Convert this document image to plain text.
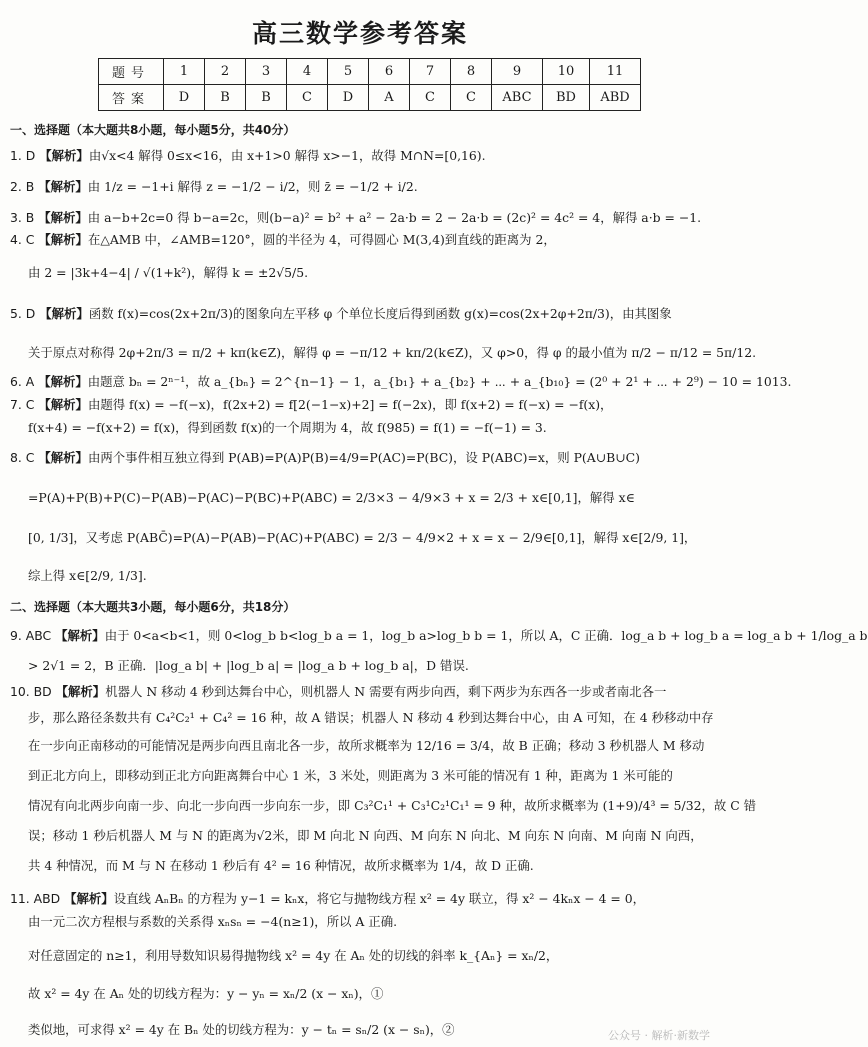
高三数学参考答案
题号	1	2	3	4	5	6	7	8	9	10	11
答案	D	B	B	C	D	A	C	C	ABC	BD	ABD
一、选择题（本大题共8小题，每小题5分，共40分）
1. D 【解析】由√x<4 解得 0≤x<16，由 x+1>0 解得 x>−1，故得 M∩N=[0,16).
2. B 【解析】由 1/z = −1+i 解得 z = −1/2 − i/2，则 z̄ = −1/2 + i/2.
3. B 【解析】由 a−b+2c=0 得 b−a=2c，则(b−a)² = b² + a² − 2a·b = 2 − 2a·b = (2c)² = 4c² = 4，解得 a·b = −1.
4. C 【解析】在△AMB 中，∠AMB=120°，圆的半径为 4，可得圆心 M(3,4)到直线的距离为 2，
由 2 = |3k+4−4| / √(1+k²)，解得 k = ±2√5/5.
5. D 【解析】函数 f(x)=cos(2x+2π/3)的图象向左平移 φ 个单位长度后得到函数 g(x)=cos(2x+2φ+2π/3)，由其图象
关于原点对称得 2φ+2π/3 = π/2 + kπ(k∈Z)，解得 φ = −π/12 + kπ/2(k∈Z)，又 φ>0，得 φ 的最小值为 π/2 − π/12 = 5π/12.
6. A 【解析】由题意 bₙ = 2ⁿ⁻¹，故 a_{bₙ} = 2^{n−1} − 1，a_{b₁} + a_{b₂} + ⋯ + a_{b₁₀} = (2⁰ + 2¹ + ⋯ + 2⁹) − 10 = 1013.
7. C 【解析】由题得 f(x) = −f(−x)，f(2x+2) = f[2(−1−x)+2] = f(−2x)，即 f(x+2) = f(−x) = −f(x)，
f(x+4) = −f(x+2) = f(x)，得到函数 f(x)的一个周期为 4，故 f(985) = f(1) = −f(−1) = 3.
8. C 【解析】由两个事件相互独立得到 P(AB)=P(A)P(B)=4/9=P(AC)=P(BC)，设 P(ABC)=x，则 P(A∪B∪C)
=P(A)+P(B)+P(C)−P(AB)−P(AC)−P(BC)+P(ABC) = 2/3×3 − 4/9×3 + x = 2/3 + x∈[0,1]，解得 x∈
[0, 1/3]，又考虑 P(ABC̄)=P(A)−P(AB)−P(AC)+P(ABC) = 2/3 − 4/9×2 + x = x − 2/9∈[0,1]，解得 x∈[2/9, 1]，
综上得 x∈[2/9, 1/3].
二、选择题（本大题共3小题，每小题6分，共18分）
9. ABC 【解析】由于 0<a<b<1，则 0<log_b b<log_b a = 1，log_b a>log_b b = 1，所以 A，C 正确．log_a b + log_b a = log_a b + 1/log_a b
> 2√1 = 2，B 正确．|log_a b| + |log_b a| = |log_a b + log_b a|，D 错误.
10. BD 【解析】机器人 N 移动 4 秒到达舞台中心，则机器人 N 需要有两步向西，剩下两步为东西各一步或者南北各一
步，那么路径条数共有 C₄²C₂¹ + C₄² = 16 种，故 A 错误；机器人 N 移动 4 秒到达舞台中心，由 A 可知，在 4 秒移动中存
在一步向正南移动的可能情况是两步向西且南北各一步，故所求概率为 12/16 = 3/4，故 B 正确；移动 3 秒机器人 M 移动
到正北方向上，即移动到正北方向距离舞台中心 1 米，3 米处，则距离为 3 米可能的情况有 1 种，距离为 1 米可能的
情况有向北两步向南一步、向北一步向西一步向东一步，即 C₃²C₁¹ + C₃¹C₂¹C₁¹ = 9 种，故所求概率为 (1+9)/4³ = 5/32，故 C 错
误；移动 1 秒后机器人 M 与 N 的距离为√2米，即 M 向北 N 向西、M 向东 N 向北、M 向东 N 向南、M 向南 N 向西，
共 4 种情况，而 M 与 N 在移动 1 秒后有 4² = 16 种情况，故所求概率为 1/4，故 D 正确.
11. ABD 【解析】设直线 AₙBₙ 的方程为 y−1 = kₙx，将它与抛物线方程 x² = 4y 联立，得 x² − 4kₙx − 4 = 0，
由一元二次方程根与系数的关系得 xₙsₙ = −4(n≥1)，所以 A 正确.
对任意固定的 n≥1，利用导数知识易得抛物线 x² = 4y 在 Aₙ 处的切线的斜率 k_{Aₙ} = xₙ/2，
故 x² = 4y 在 Aₙ 处的切线方程为：y − yₙ = xₙ/2 (x − xₙ)，①
类似地，可求得 x² = 4y 在 Bₙ 处的切线方程为：y − tₙ = sₙ/2 (x − sₙ)，②	公众号 · 解析·新数学
